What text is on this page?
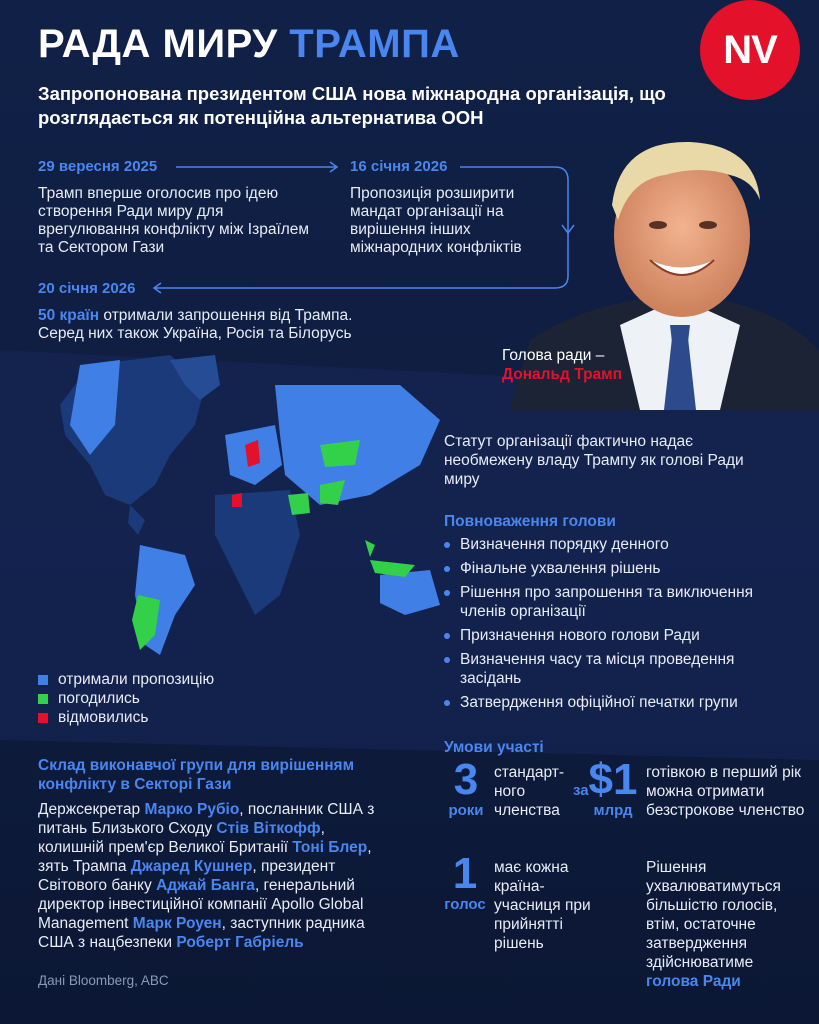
РАДА МИРУ ТРАМПА	NV
Запропонована президентом США нова міжнародна організація, що розглядається як потенційна альтернатива ООН
29 вересня 2025
Трамп вперше оголосив про ідею створення Ради миру для врегулювання конфлікту між Ізраїлем та Сектором Гази
16 січня 2026
Пропозиція розширити мандат організації на вирішення інших міжнародних конфліктів
20 січня 2026
50 країн отримали запрошення від Трампа. Серед них також Україна, Росія та Білорусь
Голова ради –
Дональд Трамп
отримали пропозицію
погодились
відмовились
Статут організації фактично надає необмежену владу Трампу як голові Ради миру
Повноваження голови
Визначення порядку денного
Фінальне ухвалення рішень
Рішення про запрошення та виключення членів організації
Призначення нового голови Ради
Визначення часу та місця проведення засідань
Затвердження офіційної печатки групи
Склад виконавчої групи для вирішенням конфлікту в Секторі Гази
Держсекретар Марко Рубіо, посланник США з питань Близького Сходу Стів Віткофф, колишній прем'єр Великої Британії Тоні Блер, зять Трампа Джаред Кушнер, президент Світового банку Аджай Банга, генеральний директор інвестиційної компанії Apollo Global Management Марк Роуен, заступник радника США з нацбезпеки Роберт Габріель
Дані Bloomberg, ABC
Умови участі
3
роки
стандарт-ного членства
за $1
млрд
готівкою в перший рік можна отримати безстрокове членство
1
голос
має кожна країна-учасниця при прийнятті рішень
Рішення ухвалюватимуться більшістю голосів, втім, остаточне затвердження здійснюватиме голова Ради
